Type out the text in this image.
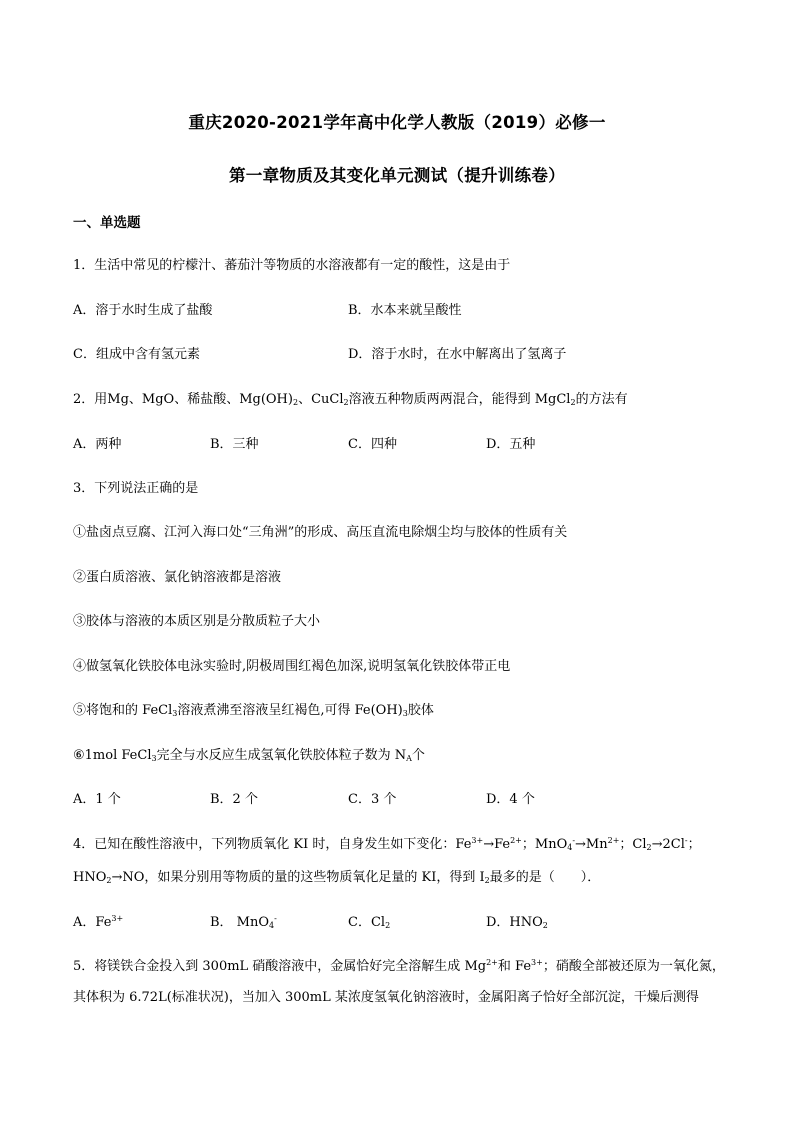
重庆2020-2021学年高中化学人教版（2019）必修一
第一章物质及其变化单元测试（提升训练卷）
一、单选题
1．生活中常见的柠檬汁、蕃茄汁等物质的水溶液都有一定的酸性，这是由于
A．溶于水时生成了盐酸	B．水本来就呈酸性
C．组成中含有氢元素	D．溶于水时，在水中解离出了氢离子
2．用Mg、MgO、稀盐酸、$Mg(OH)_2$、CuCl$_2$溶液五种物质两两混合，能得到 MgCl$_2$的方法有
A．两种	B．三种	C．四种	D．五种
3．下列说法正确的是
①盐卤点豆腐、江河入海口处“三角洲”的形成、高压直流电除烟尘均与胶体的性质有关
②蛋白质溶液、氯化钠溶液都是溶液
③胶体与溶液的本质区别是分散质粒子大小
④做氢氧化铁胶体电泳实验时,阴极周围红褐色加深,说明氢氧化铁胶体带正电
⑤将饱和的 FeCl$_3$溶液煮沸至溶液呈红褐色,可得 $Fe(OH)_3$胶体
⑥1mol FeCl$_3$完全与水反应生成氢氧化铁胶体粒子数为 $N_A$个
A．1 个	B．2 个	C．3 个	D．4 个
4．已知在酸性溶液中，下列物质氧化 KI 时，自身发生如下变化：$Fe^{3+}\to Fe^{2+}$；$MnO_4^-\to Mn^{2+}$；$Cl_2\to 2Cl^-$；
$HNO_2\to NO$，如果分别用等物质的量的这些物质氧化足量的 KI，得到 $I_2$最多的是（　　）．
A．$Fe^{3+}$	B． MnO$_4$-	C．$Cl_2$	D．$HNO_2$
5．将镁铁合金投入到 300mL 硝酸溶液中，金属恰好完全溶解生成 $Mg^{2+}$和 $Fe^{3+}$；硝酸全部被还原为一氧化氮，
其体积为 6.72L(标准状况)，当加入 300mL 某浓度氢氧化钠溶液时，金属阳离子恰好全部沉淀，干燥后测得
